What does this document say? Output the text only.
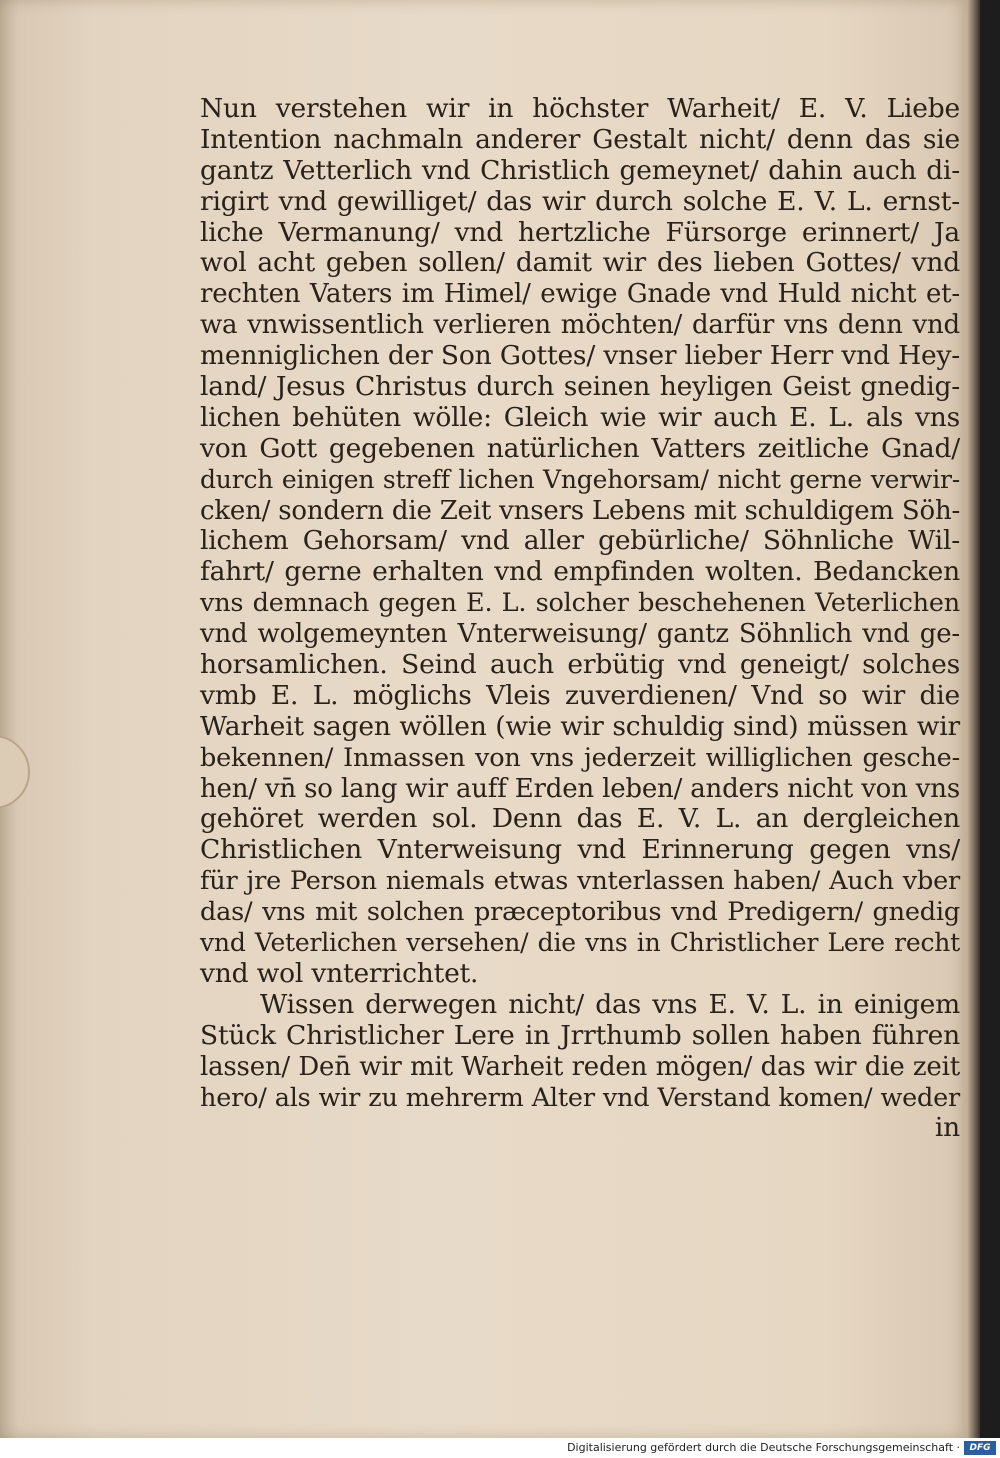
Nun verstehen wir in höchster Warheit/ E. V. Liebe
Intention nachmaln anderer Gestalt nicht/ denn das sie
gantz Vetterlich vnd Christlich gemeynet/ dahin auch di-
rigirt vnd gewilliget/ das wir durch solche E. V. L. ernst-
liche Vermanung/ vnd hertzliche Fürsorge erinnert/ Ja
wol acht geben sollen/ damit wir des lieben Gottes/ vnd
rechten Vaters im Himel/ ewige Gnade vnd Huld nicht et-
wa vnwissentlich verlieren möchten/ darfür vns denn vnd
menniglichen der Son Gottes/ vnser lieber Herr vnd Hey-
land/ Jesus Christus durch seinen heyligen Geist gnedig-
lichen behüten wölle: Gleich wie wir auch E. L. als vns
von Gott gegebenen natürlichen Vatters zeitliche Gnad/
durch einigen streff lichen Vngehorsam/ nicht gerne verwir-
cken/ sondern die Zeit vnsers Lebens mit schuldigem Söh-
lichem Gehorsam/ vnd aller gebürliche/ Söhnliche Wil-
fahrt/ gerne erhalten vnd empfinden wolten. Bedancken
vns demnach gegen E. L. solcher beschehenen Veterlichen
vnd wolgemeynten Vnterweisung/ gantz Söhnlich vnd ge-
horsamlichen. Seind auch erbütig vnd geneigt/ solches
vmb E. L. möglichs Vleis zuverdienen/ Vnd so wir die
Warheit sagen wöllen (wie wir schuldig sind) müssen wir
bekennen/ Inmassen von vns jederzeit williglichen gesche-
hen/ vn̄ so lang wir auff Erden leben/ anders nicht von vns
gehöret werden sol. Denn das E. V. L. an dergleichen
Christlichen Vnterweisung vnd Erinnerung gegen vns/
für jre Person niemals etwas vnterlassen haben/ Auch vber
das/ vns mit solchen præceptoribus vnd Predigern/ gnedig
vnd Veterlichen versehen/ die vns in Christlicher Lere recht
vnd wol vnterrichtet.
Wissen derwegen nicht/ das vns E. V. L. in einigem
Stück Christlicher Lere in Jrrthumb sollen haben führen
lassen/ Den̄ wir mit Warheit reden mögen/ das wir die zeit
hero/ als wir zu mehrerm Alter vnd Verstand komen/ weder
in
Digitalisierung gefördert durch die Deutsche Forschungsgemeinschaft ·	DFG
